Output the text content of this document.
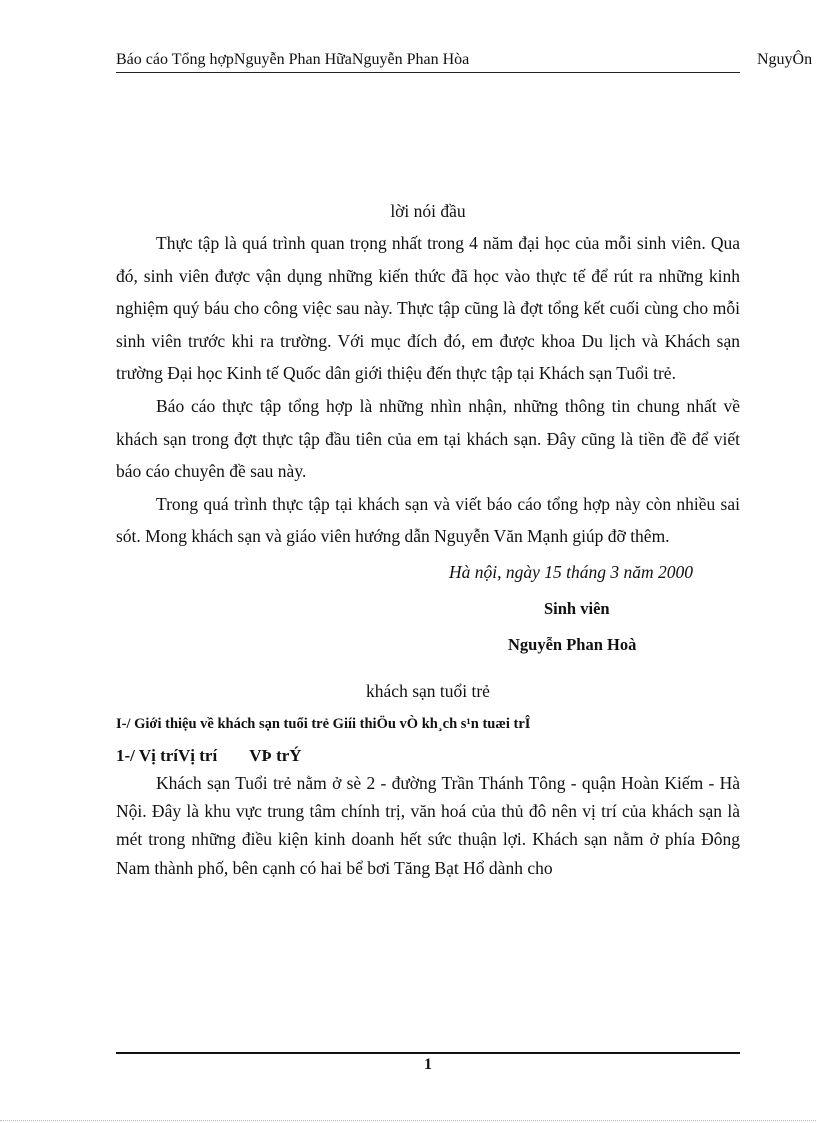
Báo cáo Tổng hợpNguyễn Phan HữaNguyễn Phan Hòa	NguyÔn

lời nói đầu

Thực tập là quá trình quan trọng nhất trong 4 năm đại học của mỗi sinh viên. Qua đó, sinh viên được vận dụng những kiến thức đã học vào thực tế để rút ra những kinh nghiệm quý báu cho công việc sau này. Thực tập cũng là đợt tổng kết cuối cùng cho mỗi sinh viên trước khi ra trường. Với mục đích đó, em được khoa Du lịch và Khách sạn trường Đại học Kinh tế Quốc dân giới thiệu đến thực tập tại Khách sạn Tuổi trẻ.

Báo cáo thực tập tổng hợp là những nhìn nhận, những thông tin chung nhất về khách sạn trong đợt thực tập đầu tiên của em tại khách sạn. Đây cũng là tiền đề để viết báo cáo chuyên đề sau này.

Trong quá trình thực tập tại khách sạn và viết báo cáo tổng hợp này còn nhiều sai sót. Mong khách sạn và giáo viên hướng dẫn Nguyễn Văn Mạnh giúp đỡ thêm.

Hà nội, ngày 15 tháng 3 năm 2000

Sinh viên

Nguyễn Phan Hoà

khách sạn tuổi trẻ

I-/ Giới thiệu về khách sạn tuổi trẻ Giíi thiÖu vÒ kh¸ch s¹n tuæi trÎ

1-/ Vị tríVị trí VÞ trÝ

Khách sạn Tuổi trẻ nằm ở sè 2 - đường Trần Thánh Tông - quận Hoàn Kiếm - Hà Nội. Đây là khu vực trung tâm chính trị, văn hoá của thủ đô nên vị trí của khách sạn là mét trong những điều kiện kinh doanh hết sức thuận lợi. Khách sạn nằm ở phía Đông Nam thành phố, bên cạnh có hai bể bơi Tăng Bạt Hổ dành cho

1
